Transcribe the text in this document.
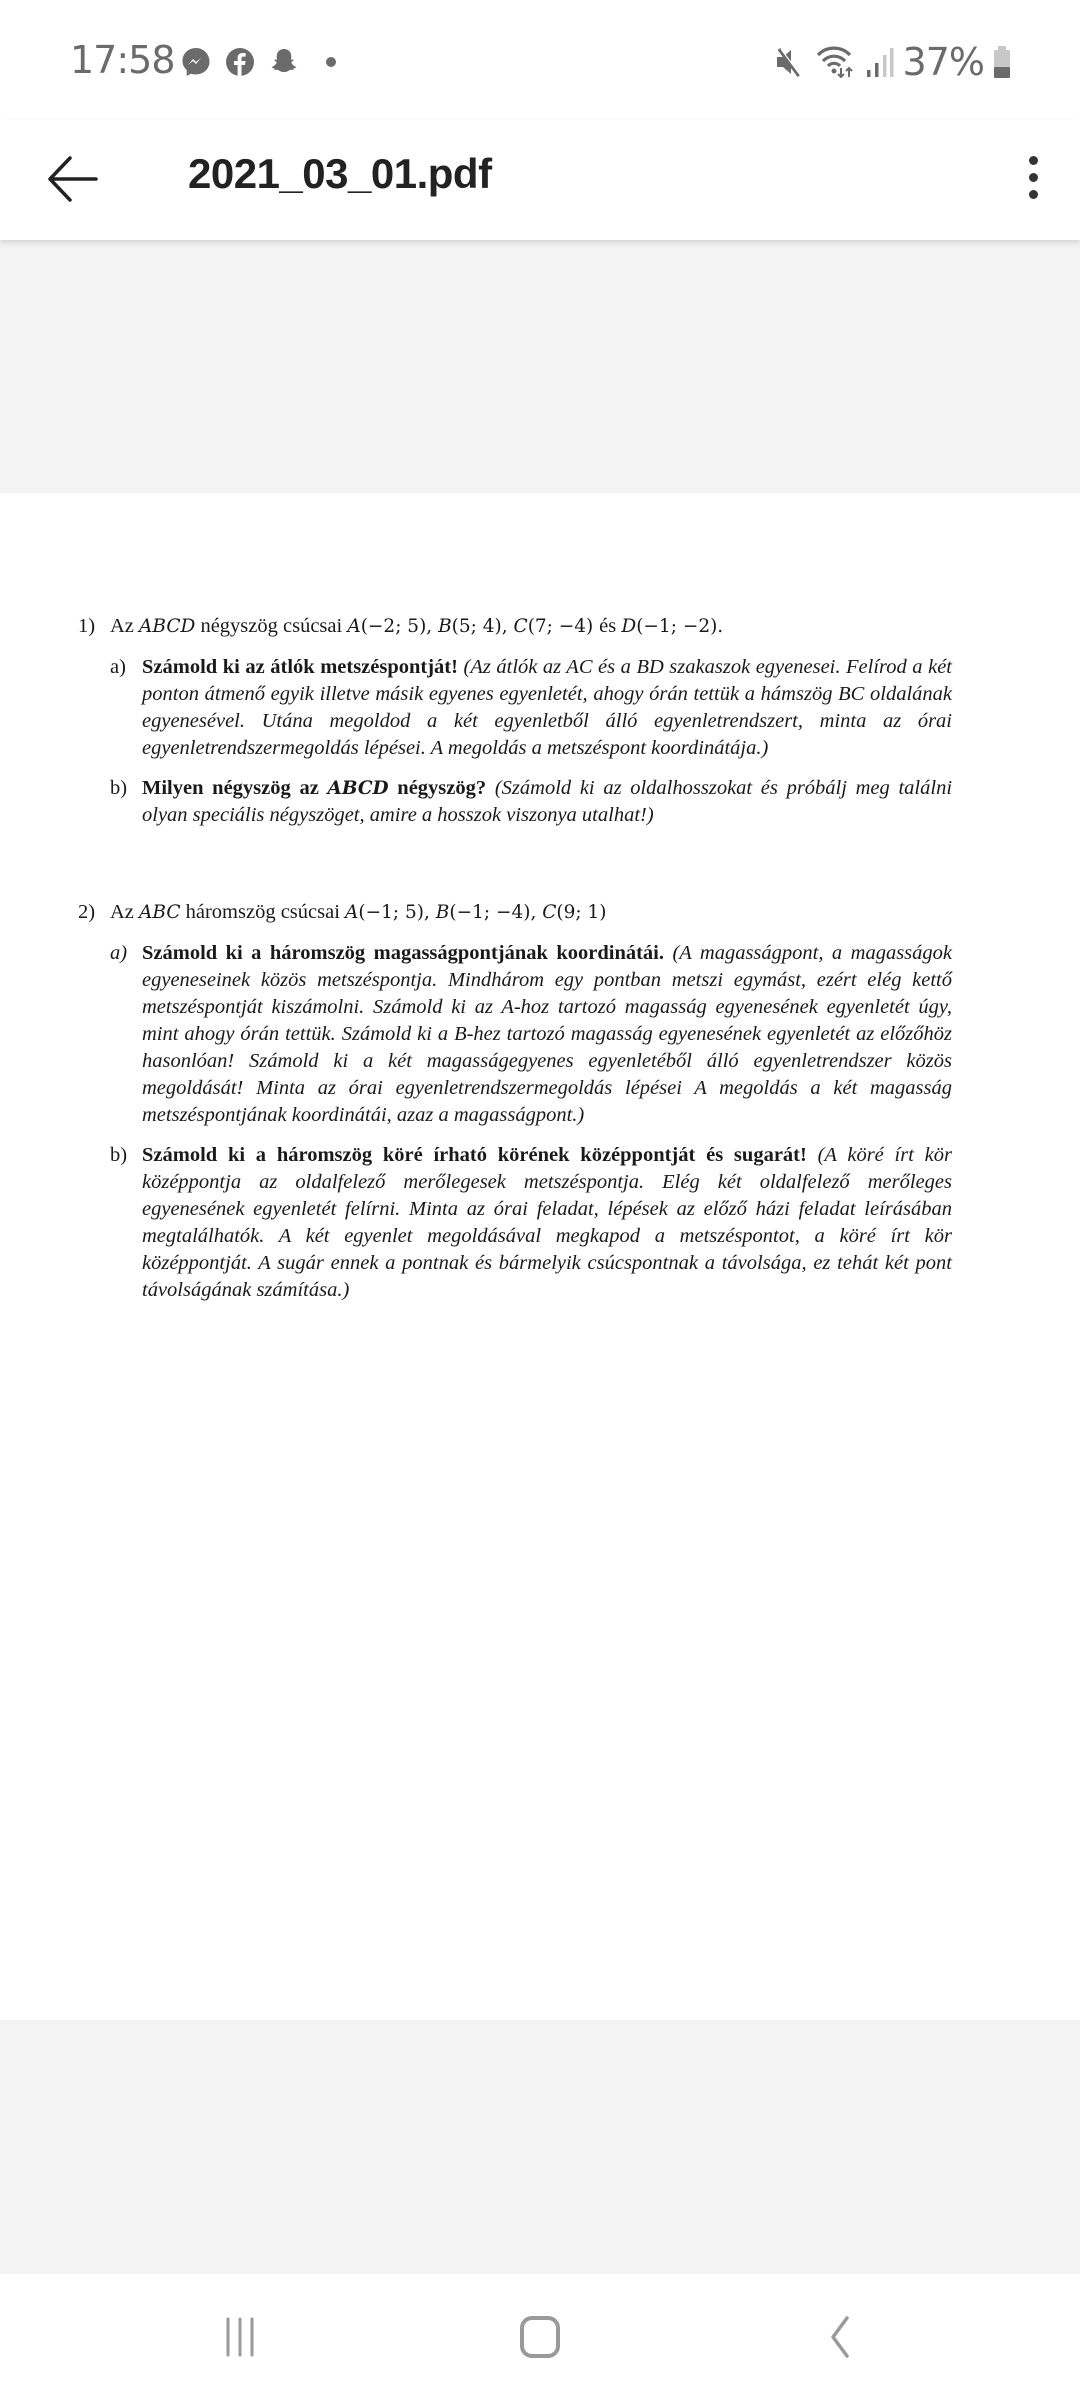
17:58	37%
2021_03_01.pdf
1) Az ABCD négyszög csúcsai A(−2; 5), B(5; 4), C(7; −4) és D(−1; −2).
a) Számold ki az átlók metszéspontját! (Az átlók az AC és a BD szakaszok egyenesei. Felírod a két ponton átmenő egyik illetve másik egyenes egyenletét, ahogy órán tettük a hámszög BC oldalának egyenesével. Utána megoldod a két egyenletből álló egyenletrendszert, minta az órai egyenletrendszermegoldás lépései. A megoldás a metszéspont koordinátája.)
b) Milyen négyszög az ABCD négyszög? (Számold ki az oldalhosszokat és próbálj meg találni olyan speciális négyszöget, amire a hosszok viszonya utalhat!)
2) Az ABC háromszög csúcsai A(−1; 5), B(−1; −4), C(9; 1)
a) Számold ki a háromszög magasságpontjának koordinátái. (A magasságpont, a magasságok egyeneseinek közös metszéspontja. Mindhárom egy pontban metszi egymást, ezért elég kettő metszéspontját kiszámolni. Számold ki az A-hoz tartozó magasság egyenesének egyenletét úgy, mint ahogy órán tettük. Számold ki a B-hez tartozó magasság egyenesének egyenletét az előzőhöz hasonlóan! Számold ki a két magasságegyenes egyenletéből álló egyenletrendszer közös megoldását! Minta az órai egyenletrendszermegoldás lépései A megoldás a két magasság metszéspontjának koordinátái, azaz a magasságpont.)
b) Számold ki a háromszög köré írható körének középpontját és sugarát! (A köré írt kör középpontja az oldalfelező merőlegesek metszéspontja. Elég két oldalfelező merőleges egyenesének egyenletét felírni. Minta az órai feladat, lépések az előző házi feladat leírásában megtalálhatók. A két egyenlet megoldásával megkapod a metszéspontot, a köré írt kör középpontját. A sugár ennek a pontnak és bármelyik csúcspontnak a távolsága, ez tehát két pont távolságának számítása.)
